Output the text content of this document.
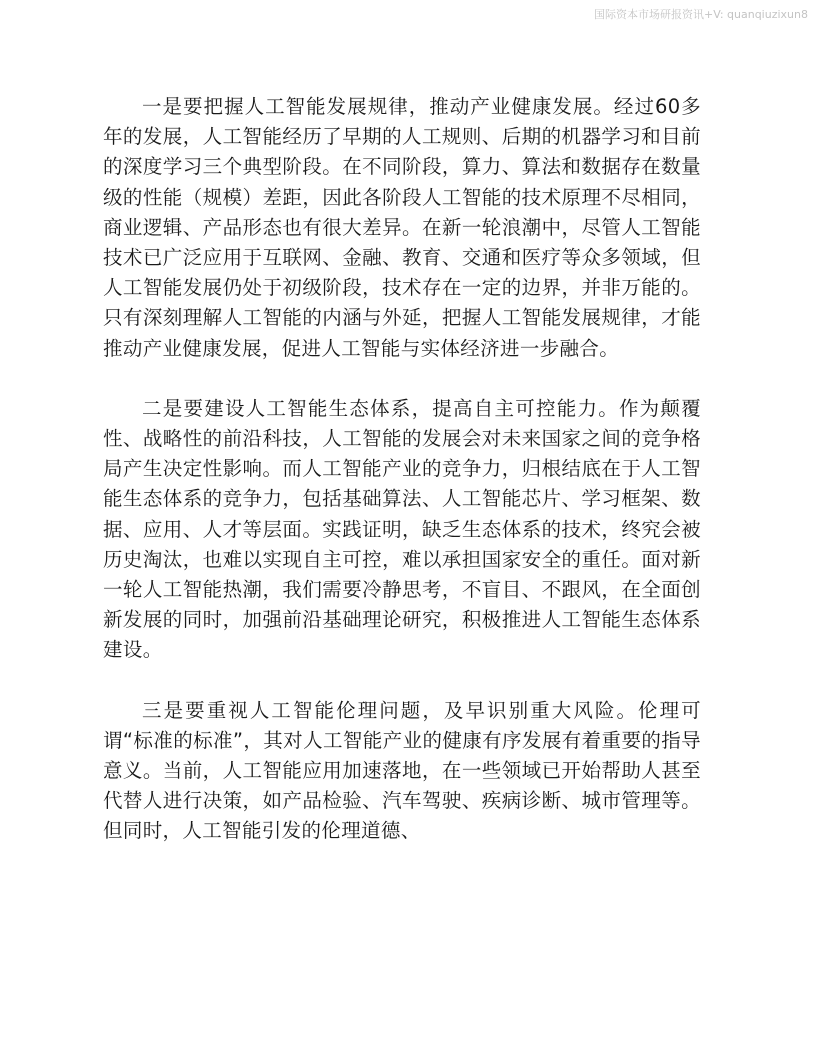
国际资本市场研报资讯+V: quanqiuzixun8

一是要把握人工智能发展规律，推动产业健康发展。经过60多年的发展，人工智能经历了早期的人工规则、后期的机器学习和目前的深度学习三个典型阶段。在不同阶段，算力、算法和数据存在数量级的性能（规模）差距，因此各阶段人工智能的技术原理不尽相同，商业逻辑、产品形态也有很大差异。在新一轮浪潮中，尽管人工智能技术已广泛应用于互联网、金融、教育、交通和医疗等众多领域，但人工智能发展仍处于初级阶段，技术存在一定的边界，并非万能的。只有深刻理解人工智能的内涵与外延，把握人工智能发展规律，才能推动产业健康发展，促进人工智能与实体经济进一步融合。

二是要建设人工智能生态体系，提高自主可控能力。作为颠覆性、战略性的前沿科技，人工智能的发展会对未来国家之间的竞争格局产生决定性影响。而人工智能产业的竞争力，归根结底在于人工智能生态体系的竞争力，包括基础算法、人工智能芯片、学习框架、数据、应用、人才等层面。实践证明，缺乏生态体系的技术，终究会被历史淘汰，也难以实现自主可控，难以承担国家安全的重任。面对新一轮人工智能热潮，我们需要冷静思考，不盲目、不跟风，在全面创新发展的同时，加强前沿基础理论研究，积极推进人工智能生态体系建设。

三是要重视人工智能伦理问题，及早识别重大风险。伦理可谓“标准的标准”，其对人工智能产业的健康有序发展有着重要的指导意义。当前，人工智能应用加速落地，在一些领域已开始帮助人甚至代替人进行决策，如产品检验、汽车驾驶、疾病诊断、城市管理等。但同时，人工智能引发的伦理道德、
